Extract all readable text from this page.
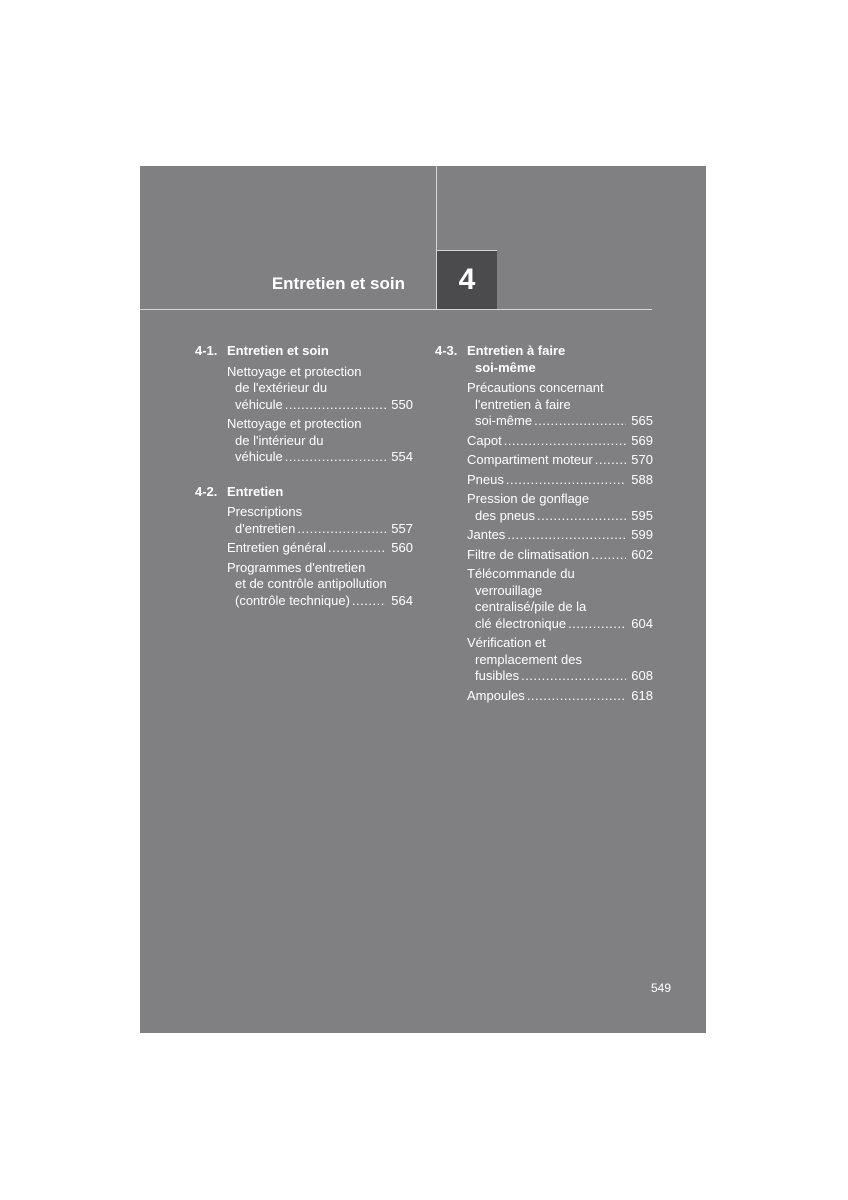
Entretien et soin 4
4-1. Entretien et soin
Nettoyage et protection
de l'extérieur du
véhicule .....	550
Nettoyage et protection
de l'intérieur du
véhicule .....	554
4-2. Entretien
Prescriptions
d'entretien .....	557
Entretien général .....	560
Programmes d'entretien
et de contrôle antipollution
(contrôle technique) .....	564
4-3. Entretien à faire
soi-même
Précautions concernant
l'entretien à faire
soi-même .....	565
Capot .....	569
Compartiment moteur .....	570
Pneus .....	588
Pression de gonflage
des pneus .....	595
Jantes .....	599
Filtre de climatisation .....	602
Télécommande du
verrouillage
centralisé/pile de la
clé électronique .....	604
Vérification et
remplacement des
fusibles .....	608
Ampoules .....	618
549
